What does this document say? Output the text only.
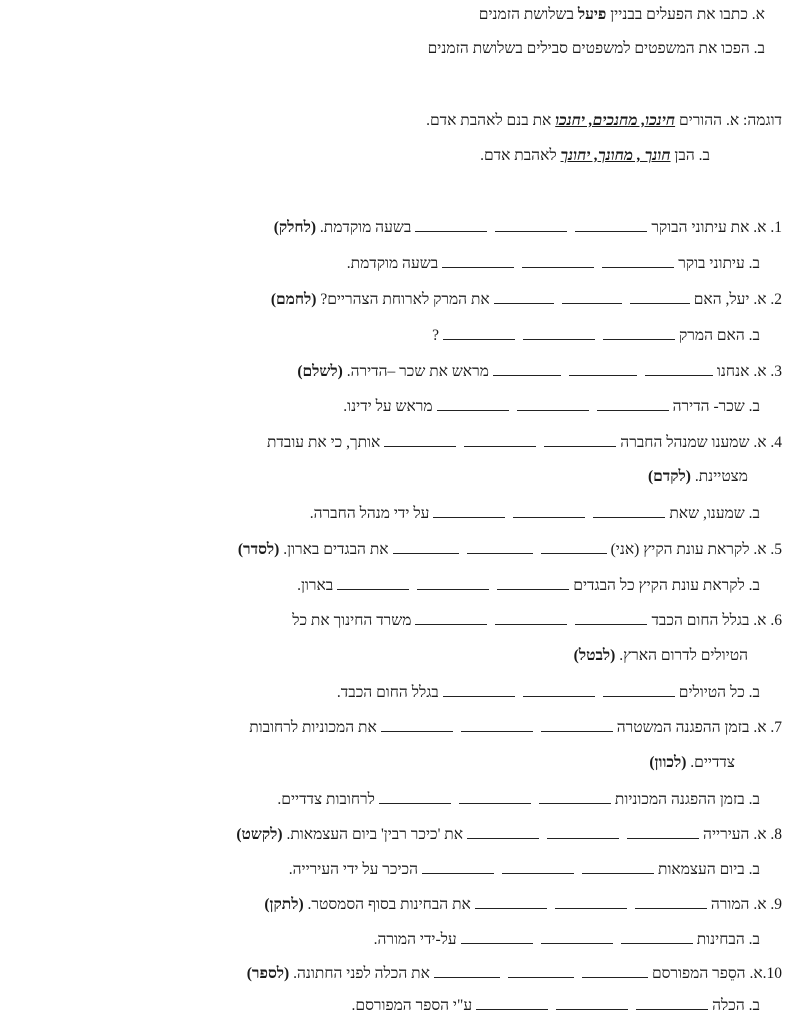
א. כתבו את הפעלים בבניין פיעל בשלושת הזמנים
ב. הפכו את המשפטים למשפטים סבילים בשלושת הזמנים
דוגמה: א. ההורים חינכו, מחנכים, יחנכו את בנם לאהבת אדם.
ב. הבן חונך , מחונך, יחונך לאהבת אדם.
1. א. את עיתוני הבוקרבשעה מוקדמת. (לחלק)
ב. עיתוני בוקרבשעה מוקדמת.
2. א. יעל, האםאת המרק לארוחת הצהריים? (לחמם)
ב. האם המרק?
3. א. אנחנומראש את שכר –הדירה. (לשלם)
ב. שכר- הדירהמראש על ידינו.
4. א. שמענו שמנהל החברהאותך, כי את עובדת
מצטיינת. (לקדם)
ב. שמענו, שאתעל ידי מנהל החברה.
5. א. לקראת עונת הקיץ (אני)את הבגדים בארון. (לסדר)
ב. לקראת עונת הקיץ כל הבגדיםבארון.
6. א. בגלל החום הכבדמשרד החינוך את כל
הטיולים לדרום הארץ. (לבטל)
ב. כל הטיוליםבגלל החום הכבד.
7. א. בזמן ההפגנה המשטרהאת המכוניות לרחובות
צדדיים. (לכוון)
ב. בזמן ההפגנה המכוניותלרחובות צדדיים.
8. א. העירייהאת 'כיכר רבין' ביום העצמאות. (לקשט)
ב. ביום העצמאותהכיכר על ידי העירייה.
9. א. המורהאת הבחינות בסוף הסמסטר. (לתקן)
ב. הבחינותעל-ידי המורה.
10.א. הסֵפר המפורסםאת הכלה לפני החתונה. (לספר)
ב. הכלהע"י הספר המפורסם.
